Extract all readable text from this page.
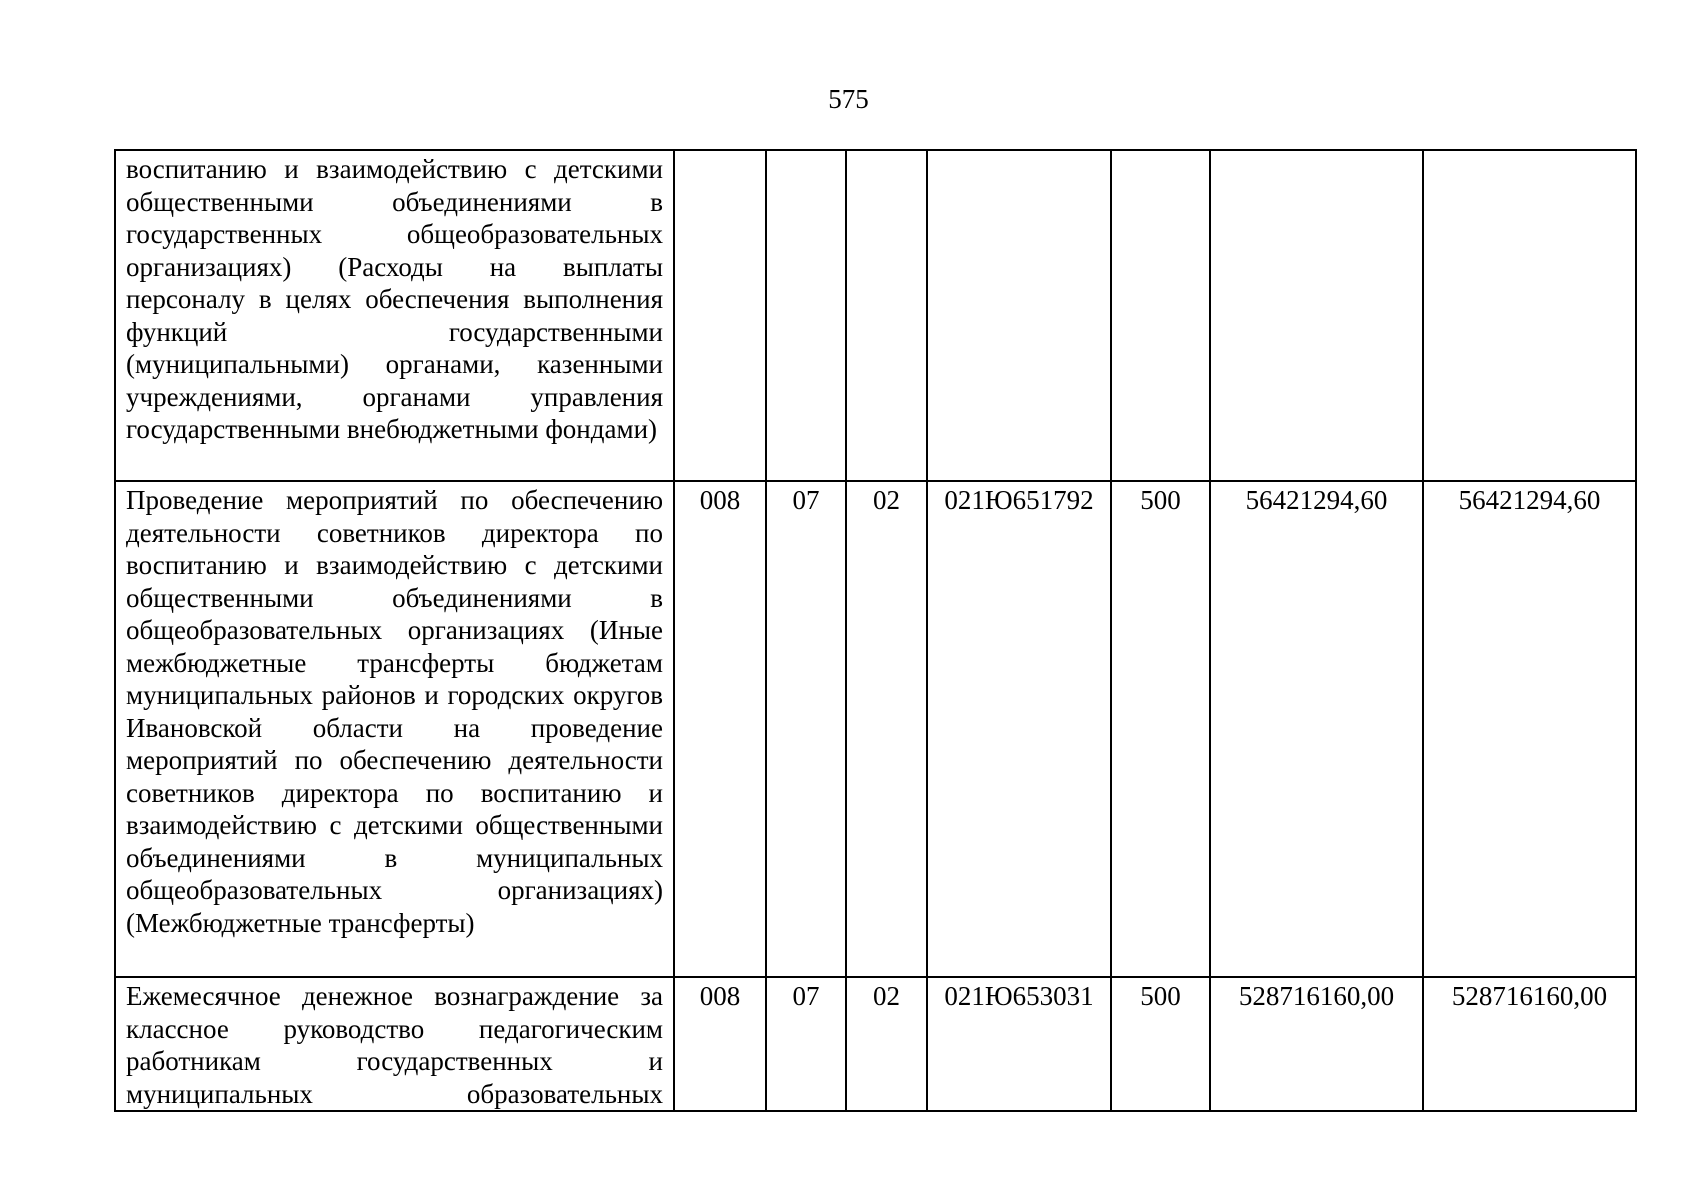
575
воспитанию и взаимодействию с детскими общественными объединениями в государственных общеобразовательных организациях) (Расходы на выплаты персоналу в целях обеспечения выполнения функций государственными (муниципальными) органами, казенными учреждениями, органами управления государственными внебюджетными фондами)							

Проведение мероприятий по обеспечению деятельности советников директора по воспитанию и взаимодействию с детскими общественными объединениями в общеобразовательных организациях (Иные межбюджетные трансферты бюджетам муниципальных районов и городских округов Ивановской области на проведение мероприятий по обеспечению деятельности советников директора по воспитанию и взаимодействию с детскими общественными объединениями в муниципальных общеобразовательных организациях) (Межбюджетные трансферты)	008	07	02	021Ю651792	500	56421294,60	56421294,60

Ежемесячное денежное вознаграждение за классное руководство педагогическим работникам государственных и муниципальных образовательных	008	07	02	021Ю653031	500	528716160,00	528716160,00
